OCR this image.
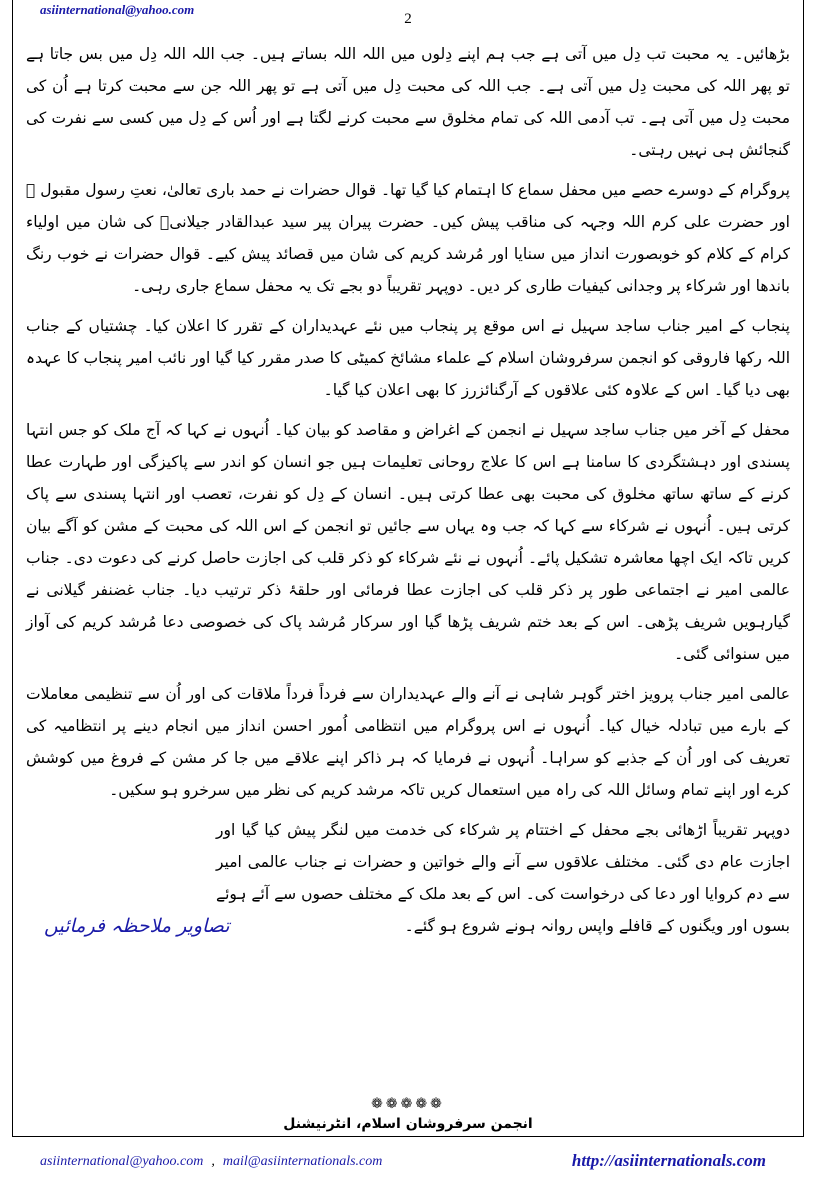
asiinternational@yahoo.com
2

بڑھائیں۔ یہ محبت تب دِل میں آتی ہے جب ہم اپنے دِلوں میں اللہ اللہ بساتے ہیں۔ جب اللہ اللہ دِل میں بس جاتا ہے تو پھر اللہ کی محبت دِل میں آتی ہے۔ جب اللہ کی محبت دِل میں آتی ہے تو پھر اللہ جن سے محبت کرتا ہے اُن کی محبت دِل میں آتی ہے۔ تب آدمی اللہ کی تمام مخلوق سے محبت کرنے لگتا ہے اور اُس کے دِل میں کسی سے نفرت کی گنجائش ہی نہیں رہتی۔

پروگرام کے دوسرے حصے میں محفل سماع کا اہتمام کیا گیا تھا۔ قوال حضرات نے حمد باری تعالیٰ، نعتِ رسول مقبول ﷺ اور حضرت علی کرم اللہ وجہہ کی مناقب پیش کیں۔ حضرت پیران پیر سید عبدالقادر جیلانیؒ کی شان میں اولیاء کرام کے کلام کو خوبصورت انداز میں سنایا اور مُرشد کریم کی شان میں قصائد پیش کیے۔ قوال حضرات نے خوب رنگ باندھا اور شرکاء پر وجدانی کیفیات طاری کر دیں۔ دوپہر تقریباً دو بجے تک یہ محفل سماع جاری رہی۔

پنجاب کے امیر جناب ساجد سہیل نے اس موقع پر پنجاب میں نئے عہدیداران کے تقرر کا اعلان کیا۔ چشتیاں کے جناب اللہ رکھا فاروقی کو انجمن سرفروشان اسلام کے علماء مشائخ کمیٹی کا صدر مقرر کیا گیا اور نائب امیر پنجاب کا عہدہ بھی دیا گیا۔ اس کے علاوہ کئی علاقوں کے آرگنائزرز کا بھی اعلان کیا گیا۔

محفل کے آخر میں جناب ساجد سہیل نے انجمن کے اغراض و مقاصد کو بیان کیا۔ اُنہوں نے کہا کہ آج ملک کو جس انتہا پسندی اور دہشتگردی کا سامنا ہے اس کا علاج روحانی تعلیمات ہیں جو انسان کو اندر سے پاکیزگی اور طہارت عطا کرنے کے ساتھ ساتھ مخلوق کی محبت بھی عطا کرتی ہیں۔ انسان کے دِل کو نفرت، تعصب اور انتہا پسندی سے پاک کرتی ہیں۔ اُنہوں نے شرکاء سے کہا کہ جب وہ یہاں سے جائیں تو انجمن کے اس اللہ کی محبت کے مشن کو آگے بیان کریں تاکہ ایک اچھا معاشرہ تشکیل پائے۔ اُنہوں نے نئے شرکاء کو ذکر قلب کی اجازت حاصل کرنے کی دعوت دی۔ جناب عالمی امیر نے اجتماعی طور پر ذکر قلب کی اجازت عطا فرمائی اور حلقۂ ذکر ترتیب دیا۔ جناب غضنفر گیلانی نے گیارہویں شریف پڑھی۔ اس کے بعد ختم شریف پڑھا گیا اور سرکار مُرشد پاک کی خصوصی دعا مُرشد کریم کی آواز میں سنوائی گئی۔

عالمی امیر جناب پرویز اختر گوہر شاہی نے آنے والے عہدیداران سے فرداً فرداً ملاقات کی اور اُن سے تنظیمی معاملات کے بارے میں تبادلہ خیال کیا۔ اُنہوں نے اس پروگرام میں انتظامی اُمور احسن انداز میں انجام دینے پر انتظامیہ کی تعریف کی اور اُن کے جذبے کو سراہا۔ اُنہوں نے فرمایا کہ ہر ذاکر اپنے علاقے میں جا کر مشن کے فروغ میں کوشش کرے اور اپنے تمام وسائل اللہ کی راہ میں استعمال کریں تاکہ مرشد کریم کی نظر میں سرخرو ہو سکیں۔

دوپہر تقریباً اڑھائی بجے محفل کے اختتام پر شرکاء کی خدمت میں لنگر پیش کیا گیا اور اجازت عام دی گئی۔ مختلف علاقوں سے آنے والے خواتین و حضرات نے جناب عالمی امیر سے دم کروایا اور دعا کی درخواست کی۔ اس کے بعد ملک کے مختلف حصوں سے آئے ہوئے بسوں اور ویگنوں کے قافلے واپس روانہ ہونے شروع ہو گئے۔

تصاویر ملاحظہ فرمائیں
❁❁❁❁❁
انجمن سرفروشان اسلام، انٹرنیشنل
asiinternational@yahoo.com , mail@asiinternationals.com	http://asiinternationals.com
